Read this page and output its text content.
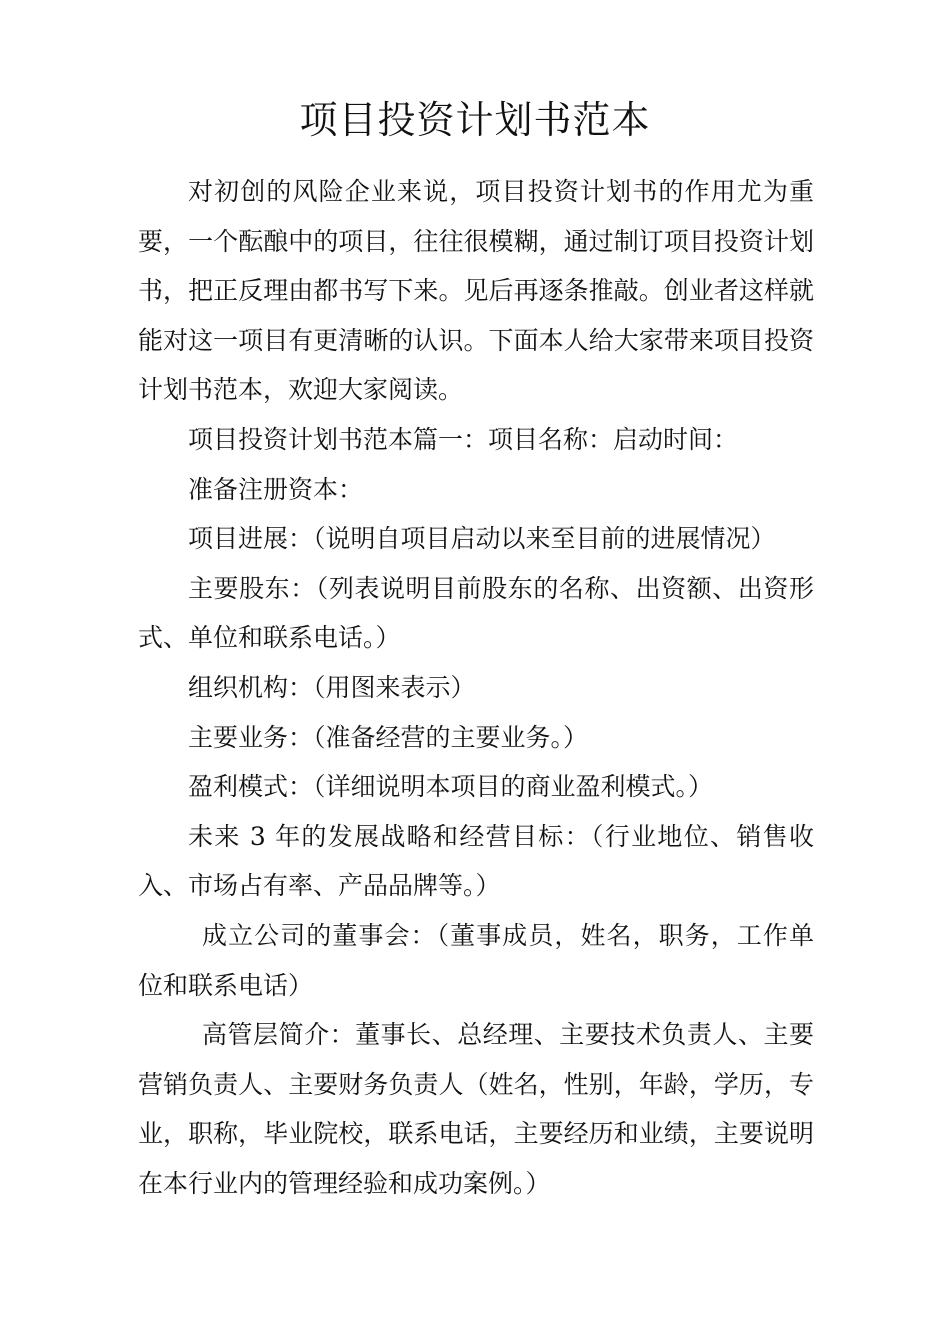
项目投资计划书范本

对初创的风险企业来说，项目投资计划书的作用尤为重要，一个酝酿中的项目，往往很模糊，通过制订项目投资计划书，把正反理由都书写下来。见后再逐条推敲。创业者这样就能对这一项目有更清晰的认识。下面本人给大家带来项目投资计划书范本，欢迎大家阅读。

项目投资计划书范本篇一：项目名称：启动时间：

准备注册资本：

项目进展：（说明自项目启动以来至目前的进展情况）

主要股东：（列表说明目前股东的名称、出资额、出资形式、单位和联系电话。）

组织机构：（用图来表示）

主要业务：（准备经营的主要业务。）

盈利模式：（详细说明本项目的商业盈利模式。）

未来 3 年的发展战略和经营目标：（行业地位、销售收入、市场占有率、产品品牌等。）

成立公司的董事会：（董事成员，姓名，职务，工作单位和联系电话）

高管层简介：董事长、总经理、主要技术负责人、主要营销负责人、主要财务负责人（姓名，性别，年龄，学历，专业，职称，毕业院校，联系电话，主要经历和业绩，主要说明在本行业内的管理经验和成功案例。）
